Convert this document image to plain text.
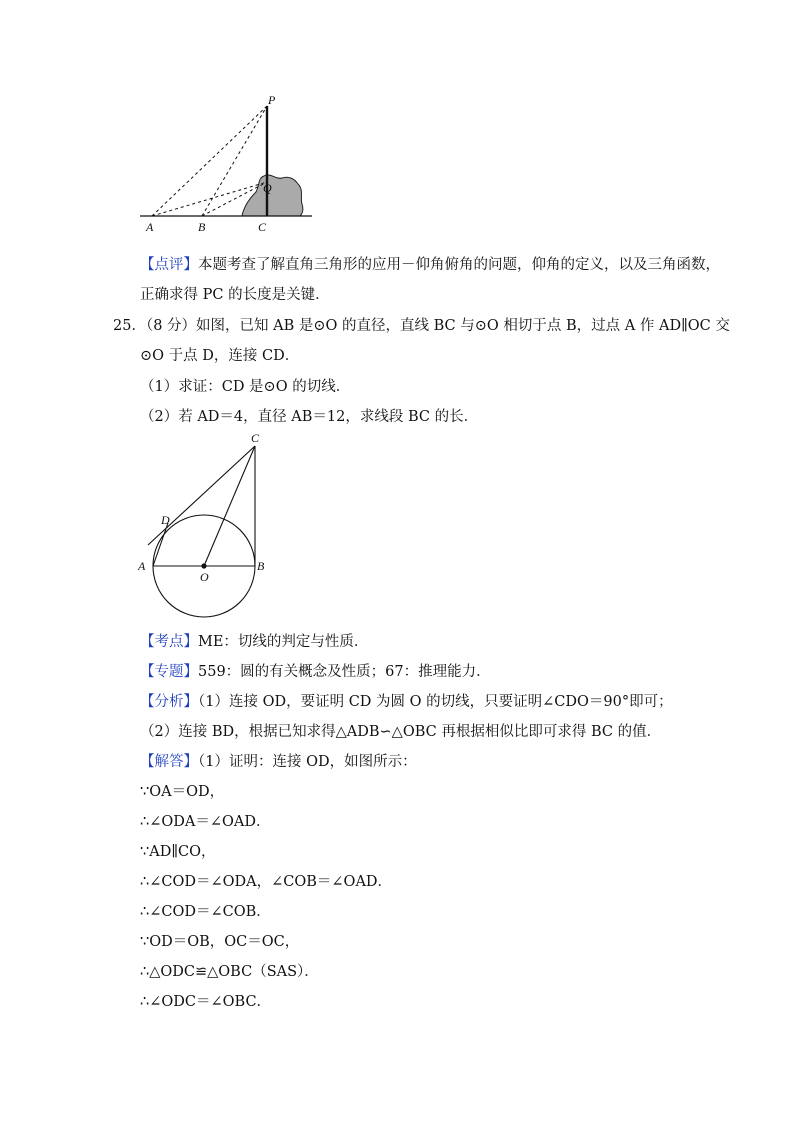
P
Q
A	B	C
【点评】本题考查了解直角三角形的应用－仰角俯角的问题，仰角的定义，以及三角函数，
正确求得 PC 的长度是关键．
25．（8 分）如图，已知 AB 是⊙O 的直径，直线 BC 与⊙O 相切于点 B，过点 A 作 AD∥OC 交
⊙O 于点 D，连接 CD．
（1）求证：CD 是⊙O 的切线．
（2）若 AD＝4，直径 AB＝12，求线段 BC 的长．
C
D
A
O
B
【考点】ME：切线的判定与性质．
【专题】559：圆的有关概念及性质；67：推理能力．
【分析】（1）连接 OD，要证明 CD 为圆 O 的切线，只要证明∠CDO＝90°即可；
（2）连接 BD，根据已知求得△ADB∽△OBC 再根据相似比即可求得 BC 的值．
【解答】（1）证明：连接 OD，如图所示：
∵OA＝OD，
∴∠ODA＝∠OAD．
∵AD∥CO，
∴∠COD＝∠ODA，∠COB＝∠OAD．
∴∠COD＝∠COB．
∵OD＝OB，OC＝OC，
∴△ODC≌△OBC（SAS）．
∴∠ODC＝∠OBC．
